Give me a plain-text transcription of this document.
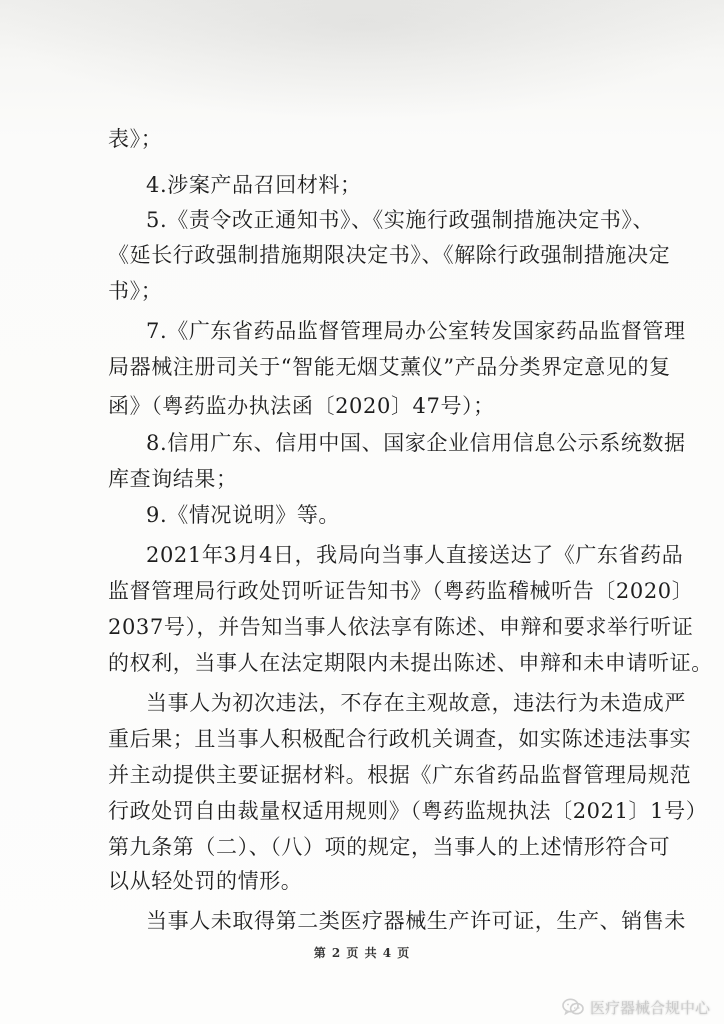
表》；
4.涉案产品召回材料；
5.《责令改正通知书》、《实施行政强制措施决定书》、
《延长行政强制措施期限决定书》、《解除行政强制措施决定
书》；
7.《广东省药品监督管理局办公室转发国家药品监督管理
局器械注册司关于“智能无烟艾薰仪”产品分类界定意见的复
函》（粤药监办执法函〔2020〕47号）；
8.信用广东、信用中国、国家企业信用信息公示系统数据
库查询结果；
9.《情况说明》等。
2021年3月4日，我局向当事人直接送达了《广东省药品
监督管理局行政处罚听证告知书》（粤药监稽械听告〔2020〕
2037号），并告知当事人依法享有陈述、申辩和要求举行听证
的权利，当事人在法定期限内未提出陈述、申辩和未申请听证。
当事人为初次违法，不存在主观故意，违法行为未造成严
重后果；且当事人积极配合行政机关调查，如实陈述违法事实
并主动提供主要证据材料。根据《广东省药品监督管理局规范
行政处罚自由裁量权适用规则》（粤药监规执法〔2021〕1号）
第九条第（二）、（八）项的规定，当事人的上述情形符合可
以从轻处罚的情形。
当事人未取得第二类医疗器械生产许可证，生产、销售未
第 2 页 共 4 页
医疗器械合规中心
